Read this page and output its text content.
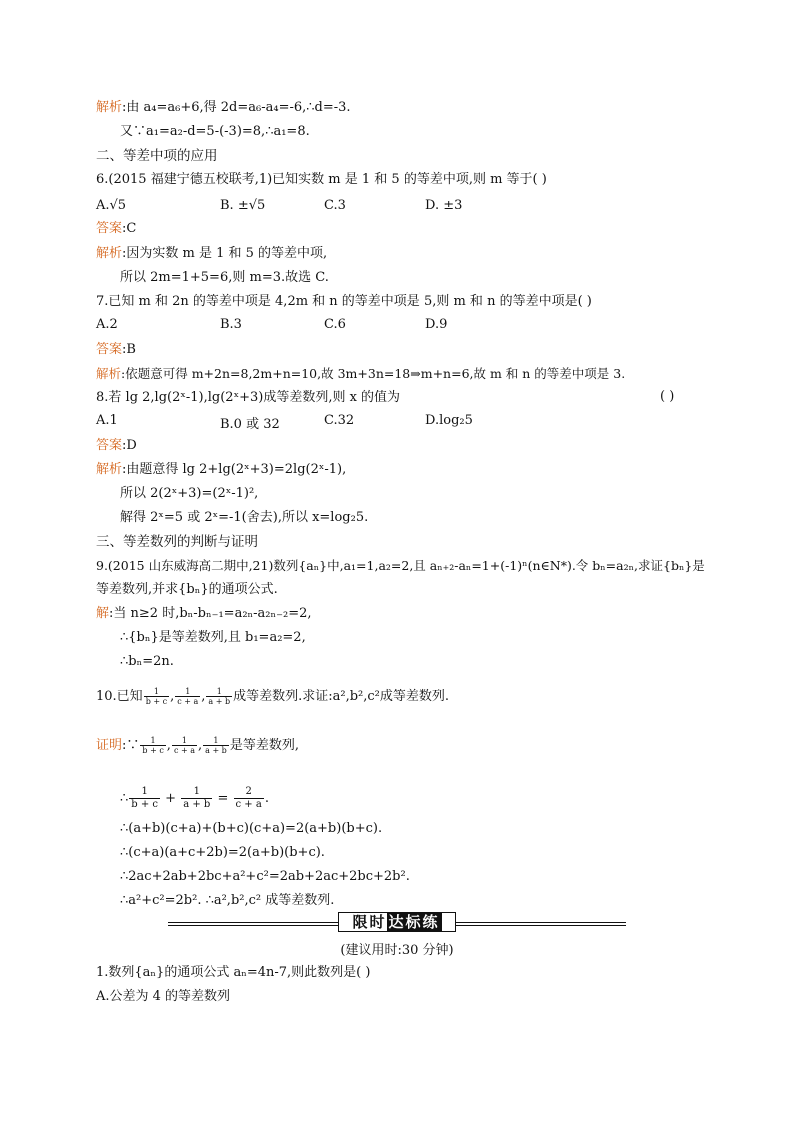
解析:由 a₄=a₆+6,得 2d=a₆-a₄=-6,∴d=-3.
又∵a₁=a₂-d=5-(-3)=8,∴a₁=8.
二、等差中项的应用
6.(2015 福建宁德五校联考,1)已知实数 m 是 1 和 5 的等差中项,则 m 等于( )
A.√5	B. ±√5	C.3	D. ±3
答案:C
解析:因为实数 m 是 1 和 5 的等差中项,
所以 2m=1+5=6,则 m=3.故选 C.
7.已知 m 和 2n 的等差中项是 4,2m 和 n 的等差中项是 5,则 m 和 n 的等差中项是( )
A.2	B.3	C.6	D.9
答案:B
解析:依题意可得 m+2n=8,2m+n=10,故 3m+3n=18⇒m+n=6,故 m 和 n 的等差中项是 3.
8.若 lg 2,lg(2ˣ-1),lg(2ˣ+3)成等差数列,则 x 的值为	( )
A.1	B.0 或 32	C.32	D.log₂5
答案:D
解析:由题意得 lg 2+lg(2ˣ+3)=2lg(2ˣ-1),
所以 2(2ˣ+3)=(2ˣ-1)²,
解得 2ˣ=5 或 2ˣ=-1(舍去),所以 x=log₂5.
三、等差数列的判断与证明
9.(2015 山东威海高二期中,21)数列{aₙ}中,a₁=1,a₂=2,且 aₙ₊₂-aₙ=1+(-1)ⁿ(n∈N*).令 bₙ=a₂ₙ,求证{bₙ}是
等差数列,并求{bₙ}的通项公式.
解:当 n≥2 时,bₙ-bₙ₋₁=a₂ₙ-a₂ₙ₋₂=2,
∴{bₙ}是等差数列,且 b₁=a₂=2,
∴bₙ=2n.
10.已知 $\frac{1}{b + c}$ , $\frac{1}{c + a}$ , $\frac{1}{a + b}$ 成等差数列.求证:a²,b²,c²成等差数列.
证明:∵ $\frac{1}{b + c}$ , $\frac{1}{c + a}$ , $\frac{1}{a + b}$ 是等差数列,
∴ $\frac{1}{b + c} + \frac{1}{a + b} = \frac{2}{c + a}$ .
∴(a+b)(c+a)+(b+c)(c+a)=2(a+b)(b+c).
∴(c+a)(a+c+2b)=2(a+b)(b+c).
∴2ac+2ab+2bc+a²+c²=2ab+2ac+2bc+2b².
∴a²+c²=2b². ∴a²,b²,c² 成等差数列.
限时 达标练
(建议用时:30 分钟)
1.数列{aₙ}的通项公式 aₙ=4n-7,则此数列是( )
A.公差为 4 的等差数列
